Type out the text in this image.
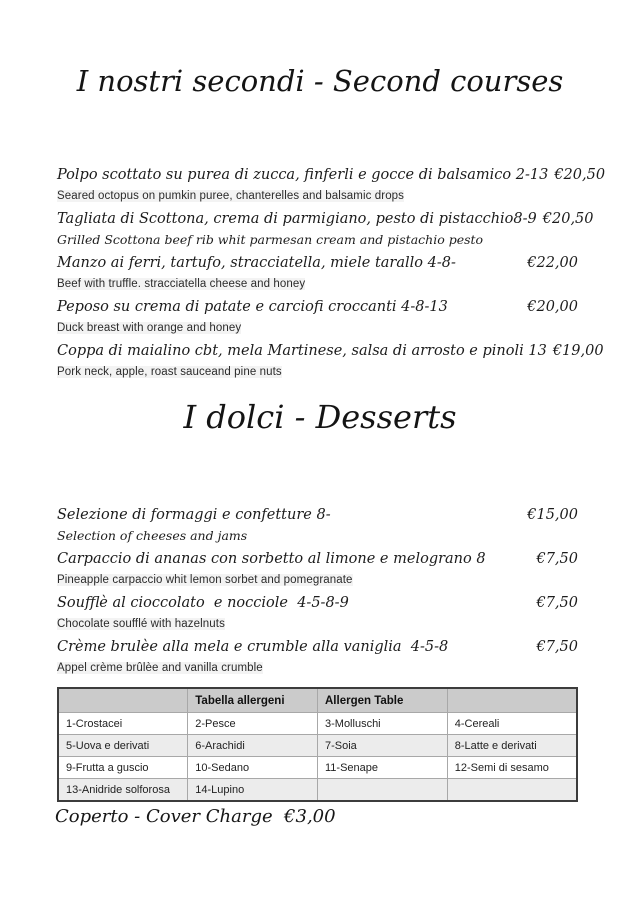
I nostri secondi - Second courses
Polpo scottato su purea di zucca, finferli e gocce di balsamico 2-13 €20,50
Seared octopus on pumkin puree, chanterelles and balsamic drops
Tagliata di Scottona, crema di parmigiano, pesto di pistacchio8-9 €20,50
Grilled Scottona beef rib whit parmesan cream and pistachio pesto
Manzo ai ferri, tartufo, stracciatella, miele tarallo 4-8-	€22,00
Beef with truffle. stracciatella cheese and honey
Peposo su crema di patate e carciofi croccanti 4-8-13	€20,00
Duck breast with orange and honey
Coppa di maialino cbt, mela Martinese, salsa di arrosto e pinoli 13 €19,00
Pork neck, apple, roast sauceand pine nuts
I dolci - Desserts
Selezione di formaggi e confetture 8-	€15,00
Selection of cheeses and jams
Carpaccio di ananas con sorbetto al limone e melograno 8	€7,50
Pineapple carpaccio whit lemon sorbet and pomegranate
Soufflè al cioccolato  e nocciole  4-5-8-9	€7,50
Chocolate soufflé with hazelnuts
Crème brulèe alla mela e crumble alla vaniglia  4-5-8	€7,50
Appel crème brûlèe and vanilla crumble
	Tabella allergeni	Allergen Table	
1-Crostacei	2-Pesce	3-Molluschi	4-Cereali
5-Uova e derivati	6-Arachidi	7-Soia	8-Latte e derivati
9-Frutta a guscio	10-Sedano	11-Senape	12-Semi di sesamo
13-Anidride solforosa	14-Lupino		
Coperto - Cover Charge  €3,00
